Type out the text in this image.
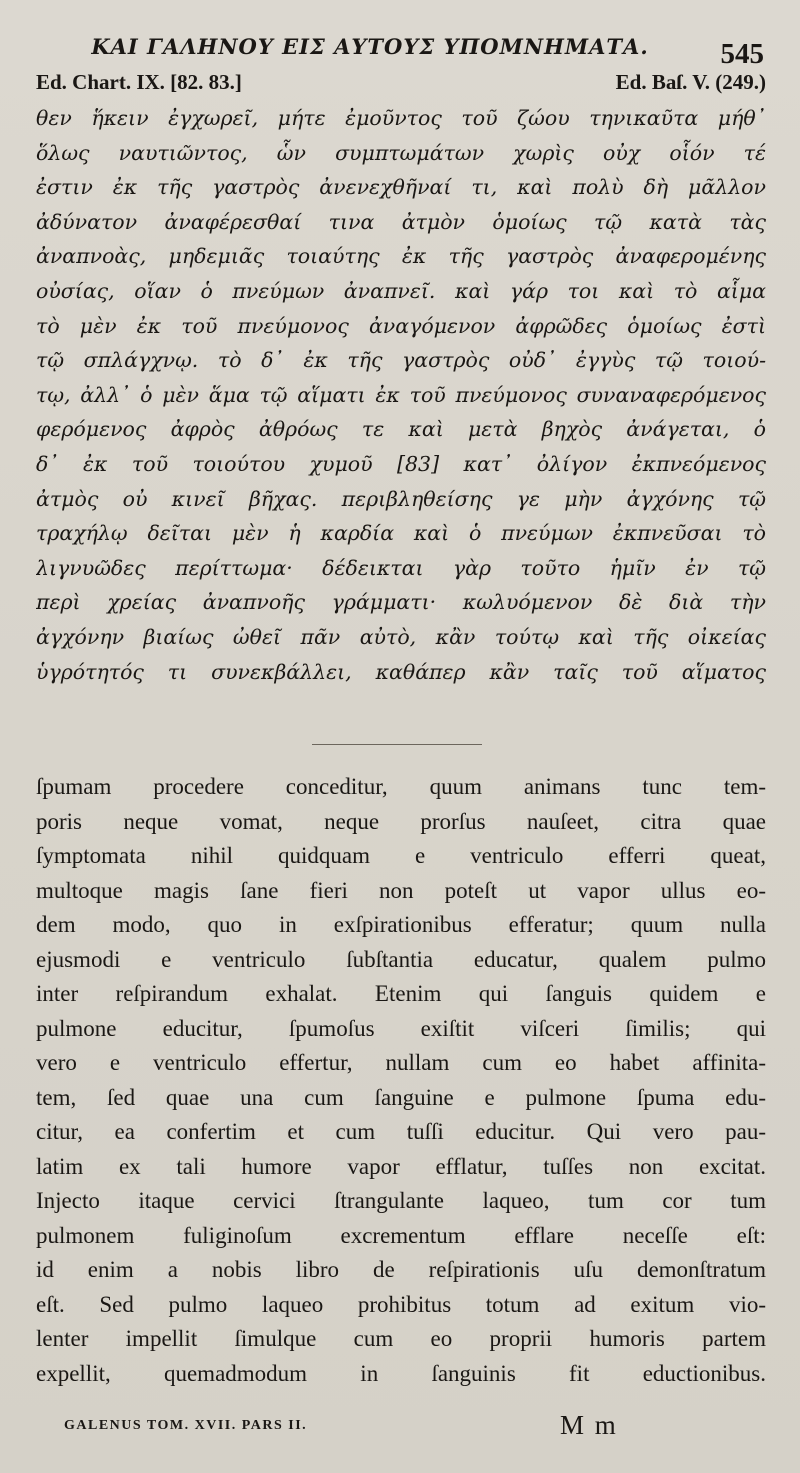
ΚΑΙ ΓΑΛΗΝΟΥ ΕΙΣ ΑΥΤΟΥΣ ΥΠΟΜΝΗΜΑΤΑ.	545
Ed. Chart. IX. [82. 83.]	Ed. Baſ. V. (249.)
θεν ἥκειν ἐγχωρεῖ, μήτε ἐμοῦντος τοῦ ζώου τηνικαῦτα μήθ᾽
ὅλως ναυτιῶντος, ὧν συμπτωμάτων χωρὶς οὐχ οἷόν τέ
ἐστιν ἐκ τῆς γαστρὸς ἀνενεχθῆναί τι, καὶ πολὺ δὴ μᾶλλον
ἀδύνατον ἀναφέρεσθαί τινα ἀτμὸν ὁμοίως τῷ κατὰ τὰς
ἀναπνοὰς, μηδεμιᾶς τοιαύτης ἐκ τῆς γαστρὸς ἀναφερομένης
οὐσίας, οἵαν ὁ πνεύμων ἀναπνεῖ. καὶ γάρ τοι καὶ τὸ αἷμα
τὸ μὲν ἐκ τοῦ πνεύμονος ἀναγόμενον ἀφρῶδες ὁμοίως ἐστὶ
τῷ σπλάγχνῳ. τὸ δ᾽ ἐκ τῆς γαστρὸς οὐδ᾽ ἐγγὺς τῷ τοιού-
τῳ, ἀλλ᾽ ὁ μὲν ἅμα τῷ αἵματι ἐκ τοῦ πνεύμονος συναναφερόμενος
φερόμενος ἀφρὸς ἀθρόως τε καὶ μετὰ βηχὸς ἀνάγεται, ὁ
δ᾽ ἐκ τοῦ τοιούτου χυμοῦ [83] κατ᾽ ὀλίγον ἐκπνεόμενος
ἀτμὸς οὐ κινεῖ βῆχας. περιβληθείσης γε μὴν ἀγχόνης τῷ
τραχήλῳ δεῖται μὲν ἡ καρδία καὶ ὁ πνεύμων ἐκπνεῦσαι τὸ
λιγνυῶδες περίττωμα· δέδεικται γὰρ τοῦτο ἡμῖν ἐν τῷ
περὶ χρείας ἀναπνοῆς γράμματι· κωλυόμενον δὲ διὰ τὴν
ἀγχόνην βιαίως ὠθεῖ πᾶν αὐτὸ, κἂν τούτῳ καὶ τῆς οἰκείας
ὑγρότητός τι συνεκβάλλει, καθάπερ κἂν ταῖς τοῦ αἵματος
ſpumam procedere conceditur, quum animans tunc tem-
poris neque vomat, neque prorſus nauſeet, citra quae
ſymptomata nihil quidquam e ventriculo efferri queat,
multoque magis ſane fieri non poteſt ut vapor ullus eo-
dem modo, quo in exſpirationibus efferatur; quum nulla
ejusmodi e ventriculo ſubſtantia educatur, qualem pulmo
inter reſpirandum exhalat. Etenim qui ſanguis quidem e
pulmone educitur, ſpumoſus exiſtit viſceri ſimilis; qui
vero e ventriculo effertur, nullam cum eo habet affinita-
tem, ſed quae una cum ſanguine e pulmone ſpuma edu-
citur, ea confertim et cum tuſſi educitur. Qui vero pau-
latim ex tali humore vapor efflatur, tuſſes non excitat.
Injecto itaque cervici ſtrangulante laqueo, tum cor tum
pulmonem fuliginoſum excrementum efflare neceſſe eſt:
id enim a nobis libro de reſpirationis uſu demonſtratum
eſt. Sed pulmo laqueo prohibitus totum ad exitum vio-
lenter impellit ſimulque cum eo proprii humoris partem
expellit, quemadmodum in ſanguinis fit eductionibus.
GALENUS TOM. XVII. PARS II.	M m
